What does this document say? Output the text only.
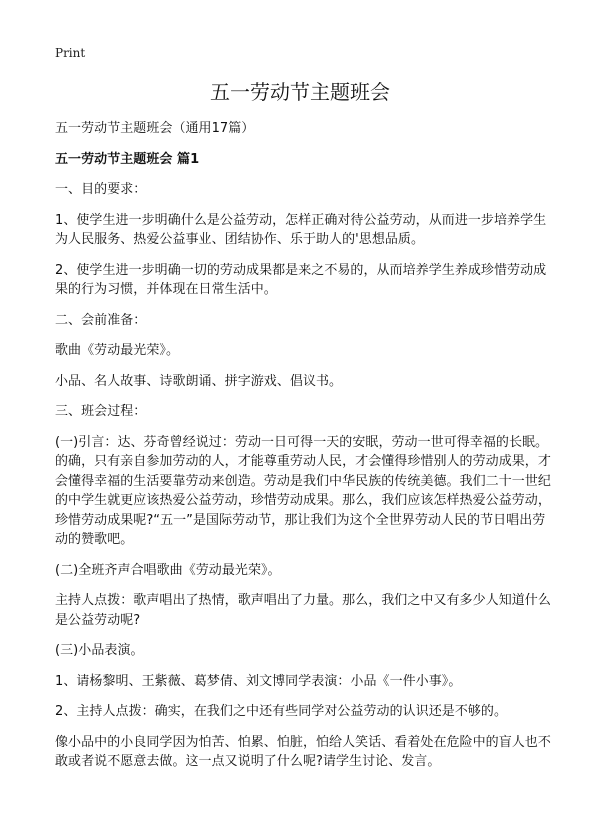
Print
五一劳动节主题班会

五一劳动节主题班会（通用17篇）

五一劳动节主题班会 篇1

一、目的要求：

1、使学生进一步明确什么是公益劳动，怎样正确对待公益劳动，从而进一步培养学生为人民服务、热爱公益事业、团结协作、乐于助人的'思想品质。

2、使学生进一步明确一切的劳动成果都是来之不易的，从而培养学生养成珍惜劳动成果的行为习惯，并体现在日常生活中。

二、会前准备：

歌曲《劳动最光荣》。

小品、名人故事、诗歌朗诵、拼字游戏、倡议书。

三、班会过程：

(一)引言：达、芬奇曾经说过：劳动一日可得一天的安眠，劳动一世可得幸福的长眠。的确，只有亲自参加劳动的人，才能尊重劳动人民，才会懂得珍惜别人的劳动成果，才会懂得幸福的生活要靠劳动来创造。劳动是我们中华民族的传统美德。我们二十一世纪的中学生就更应该热爱公益劳动，珍惜劳动成果。那么，我们应该怎样热爱公益劳动，珍惜劳动成果呢?“五一”是国际劳动节，那让我们为这个全世界劳动人民的节日唱出劳动的赞歌吧。

(二)全班齐声合唱歌曲《劳动最光荣》。

主持人点拨：歌声唱出了热情，歌声唱出了力量。那么，我们之中又有多少人知道什么是公益劳动呢?

(三)小品表演。

1、请杨黎明、王紫薇、葛梦倩、刘文博同学表演：小品《一件小事》。

2、主持人点拨：确实，在我们之中还有些同学对公益劳动的认识还是不够的。

像小品中的小良同学因为怕苦、怕累、怕脏，怕给人笑话、看着处在危险中的盲人也不敢或者说不愿意去做。这一点又说明了什么呢?请学生讨论、发言。
